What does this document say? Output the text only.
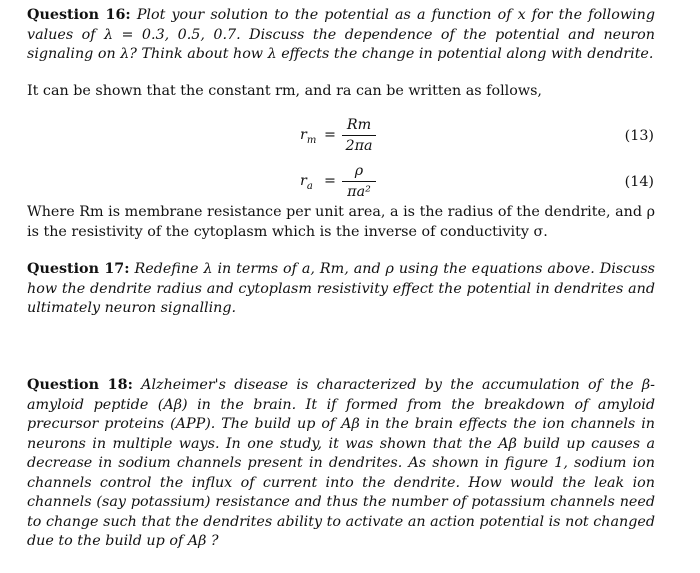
Question 16: Plot your solution to the potential as a function of x for the following values of λ = 0.3, 0.5, 0.7. Discuss the dependence of the potential and neuron signaling on λ? Think about how λ effects the change in potential along with dendrite.

It can be shown that the constant rm, and ra can be written as follows,

$r_m$ =
Rm
2πa
(13)
$r_a$ =
ρ
πa²
(14)

Where Rm is membrane resistance per unit area, a is the radius of the dendrite, and ρ is the resistivity of the cytoplasm which is the inverse of conductivity σ.

Question 17: Redefine λ in terms of a, Rm, and ρ using the equations above. Discuss how the dendrite radius and cytoplasm resistivity effect the potential in dendrites and ultimately neuron signalling.

Question 18: Alzheimer's disease is characterized by the accumulation of the β-amyloid peptide (Aβ) in the brain. It if formed from the breakdown of amyloid precursor proteins (APP). The build up of Aβ in the brain effects the ion channels in neurons in multiple ways. In one study, it was shown that the Aβ build up causes a decrease in sodium channels present in dendrites. As shown in figure 1, sodium ion channels control the influx of current into the dendrite. How would the leak ion channels (say potassium) resistance and thus the number of potassium channels need to change such that the dendrites ability to activate an action potential is not changed due to the build up of Aβ ?
